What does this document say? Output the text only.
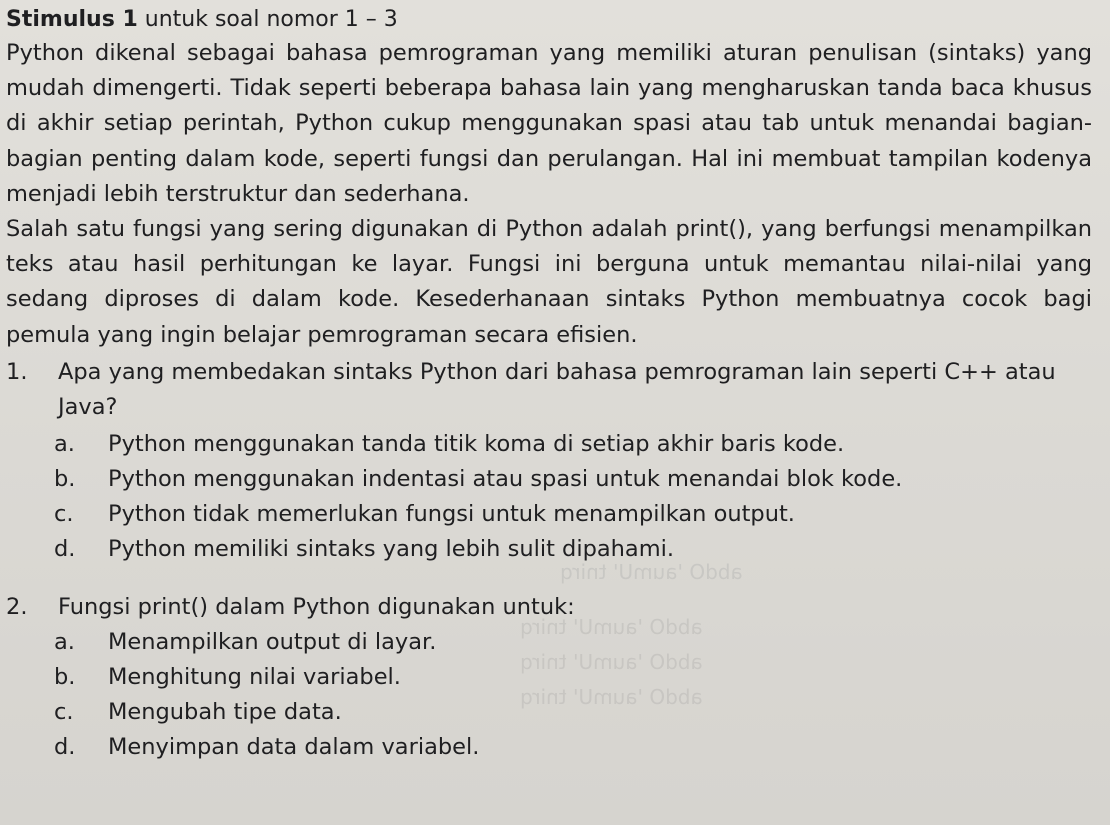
abdO 'aumU' tnirq
abdO 'aumU' tnirq
abdO 'aumU' tnirq
abdO 'aumU' tnirq
Stimulus 1 untuk soal nomor 1 – 3

Python dikenal sebagai bahasa pemrograman yang memiliki aturan penulisan (sintaks) yang mudah dimengerti. Tidak seperti beberapa bahasa lain yang mengharuskan tanda baca khusus di akhir setiap perintah, Python cukup menggunakan spasi atau tab untuk menandai bagian-bagian penting dalam kode, seperti fungsi dan perulangan. Hal ini membuat tampilan kodenya menjadi lebih terstruktur dan sederhana.

Salah satu fungsi yang sering digunakan di Python adalah print(), yang berfungsi menampilkan teks atau hasil perhitungan ke layar. Fungsi ini berguna untuk memantau nilai-nilai yang sedang diproses di dalam kode. Kesederhanaan sintaks Python membuatnya cocok bagi pemula yang ingin belajar pemrograman secara efisien.

1. Apa yang membedakan sintaks Python dari bahasa pemrograman lain seperti C++ atau Java?
a. Python menggunakan tanda titik koma di setiap akhir baris kode.
b. Python menggunakan indentasi atau spasi untuk menandai blok kode.
c. Python tidak memerlukan fungsi untuk menampilkan output.
d. Python memiliki sintaks yang lebih sulit dipahami.
2. Fungsi print() dalam Python digunakan untuk:
a. Menampilkan output di layar.
b. Menghitung nilai variabel.
c. Mengubah tipe data.
d. Menyimpan data dalam variabel.
